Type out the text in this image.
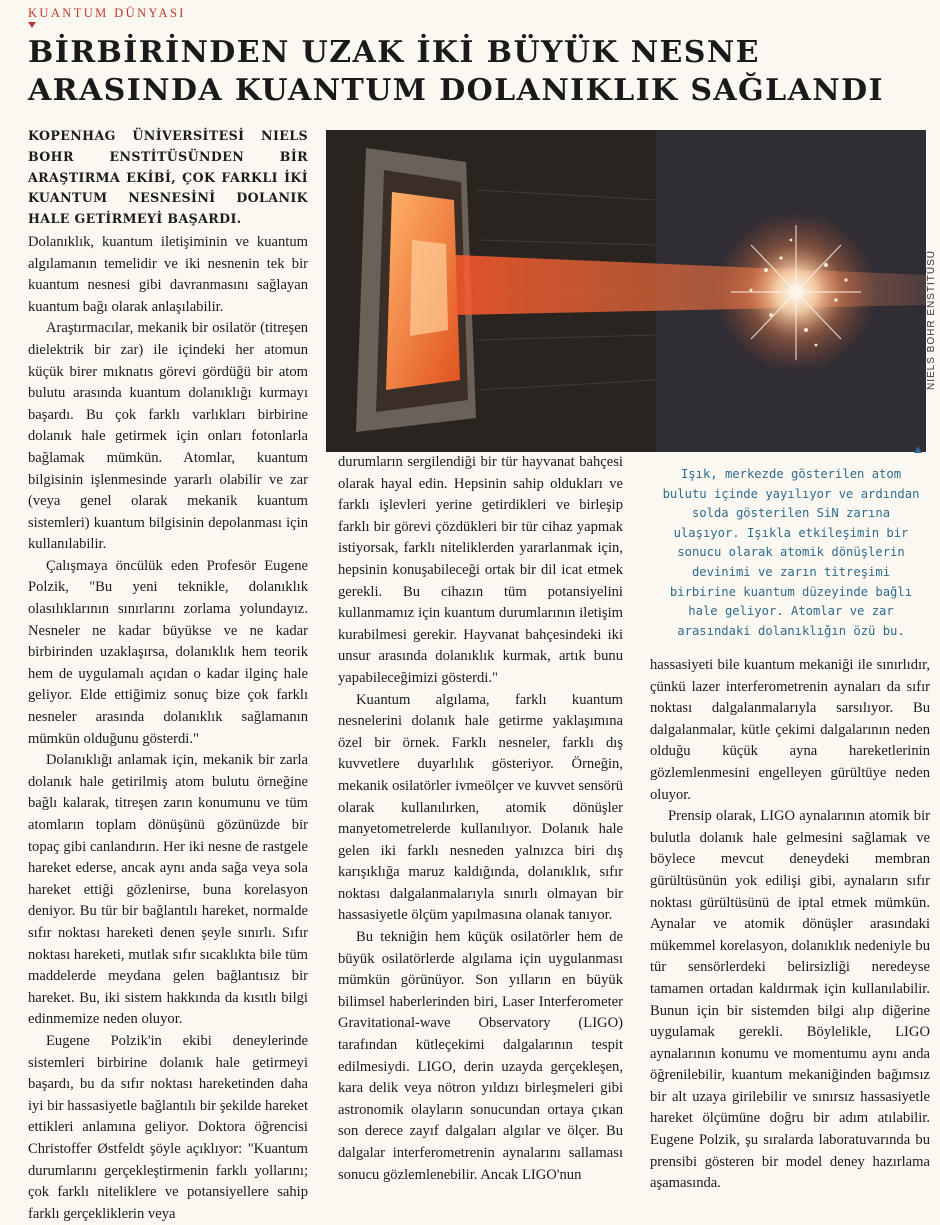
KUANTUM DÜNYASI
BİRBİRİNDEN UZAK İKİ BÜYÜK NESNE ARASINDA KUANTUM DOLANIKLIK SAĞLANDI
NIELS BOHR ENSTİTÜSÜ

Işık, merkezde gösterilen atom bulutu içinde yayılıyor ve ardından solda gösterilen SiN zarına ulaşıyor. Işıkla etkileşimin bir sonucu olarak atomik dönüşlerin devinimi ve zarın titreşimi birbirine kuantum düzeyinde bağlı hale geliyor. Atomlar ve zar arasındaki dolanıklığın özü bu.

KOPENHAG ÜNİVERSİTESİ NIELS BOHR ENSTİTÜSÜNDEN BİR ARAŞTIRMA EKİBİ, ÇOK FARKLI İKİ KUANTUM NESNESİNİ DOLANIK HALE GETİRMEYİ BAŞARDI.

Dolanıklık, kuantum iletişiminin ve kuantum algılamanın temelidir ve iki nesnenin tek bir kuantum nesnesi gibi davranmasını sağlayan kuantum bağı olarak anlaşılabilir.

Araştırmacılar, mekanik bir osilatör (titreşen dielektrik bir zar) ile içindeki her atomun küçük birer mıknatıs görevi gördüğü bir atom bulutu arasında kuantum dolanıklığı kurmayı başardı. Bu çok farklı varlıkları birbirine dolanık hale getirmek için onları fotonlarla bağlamak mümkün. Atomlar, kuantum bilgisinin işlenmesinde yararlı olabilir ve zar (veya genel olarak mekanik kuantum sistemleri) kuantum bilgisinin depolanması için kullanılabilir.

Çalışmaya öncülük eden Profesör Eugene Polzik, "Bu yeni teknikle, dolanıklık olasılıklarının sınırlarını zorlama yolundayız. Nesneler ne kadar büyükse ve ne kadar birbirinden uzaklaşırsa, dolanıklık hem teorik hem de uygulamalı açıdan o kadar ilginç hale geliyor. Elde ettiğimiz sonuç bize çok farklı nesneler arasında dolanıklık sağlamanın mümkün olduğunu gösterdi."

Dolanıklığı anlamak için, mekanik bir zarla dolanık hale getirilmiş atom bulutu örneğine bağlı kalarak, titreşen zarın konumunu ve tüm atomların toplam dönüşünü gözünüzde bir topaç gibi canlandırın. Her iki nesne de rastgele hareket ederse, ancak aynı anda sağa veya sola hareket ettiği gözlenirse, buna korelasyon deniyor. Bu tür bir bağlantılı hareket, normalde sıfır noktası hareketi denen şeyle sınırlı. Sıfır noktası hareketi, mutlak sıfır sıcaklıkta bile tüm maddelerde meydana gelen bağlantısız bir hareket. Bu, iki sistem hakkında da kısıtlı bilgi edinmemize neden oluyor.

Eugene Polzik'in ekibi deneylerinde sistemleri birbirine dolanık hale getirmeyi başardı, bu da sıfır noktası hareketinden daha iyi bir hassasiyetle bağlantılı bir şekilde hareket ettikleri anlamına geliyor. Doktora öğrencisi Christoffer Østfeldt şöyle açıklıyor: "Kuantum durumlarını gerçekleştirmenin farklı yollarını; çok farklı niteliklere ve potansiyellere sahip farklı gerçekliklerin veya

durumların sergilendiği bir tür hayvanat bahçesi olarak hayal edin. Hepsinin sahip oldukları ve farklı işlevleri yerine getirdikleri ve birleşip farklı bir görevi çözdükleri bir tür cihaz yapmak istiyorsak, farklı niteliklerden yararlanmak için, hepsinin konuşabileceği ortak bir dil icat etmek gerekli. Bu cihazın tüm potansiyelini kullanmamız için kuantum durumlarının iletişim kurabilmesi gerekir. Hayvanat bahçesindeki iki unsur arasında dolanıklık kurmak, artık bunu yapabileceğimizi gösterdi."

Kuantum algılama, farklı kuantum nesnelerini dolanık hale getirme yaklaşımına özel bir örnek. Farklı nesneler, farklı dış kuvvetlere duyarlılık gösteriyor. Örneğin, mekanik osilatörler ivmeölçer ve kuvvet sensörü olarak kullanılırken, atomik dönüşler manyetometrelerde kullanılıyor. Dolanık hale gelen iki farklı nesneden yalnızca biri dış karışıklığa maruz kaldığında, dolanıklık, sıfır noktası dalgalanmalarıyla sınırlı olmayan bir hassasiyetle ölçüm yapılmasına olanak tanıyor.

Bu tekniğin hem küçük osilatörler hem de büyük osilatörlerde algılama için uygulanması mümkün görünüyor. Son yılların en büyük bilimsel haberlerinden biri, Laser Interferometer Gravitational-wave Observatory (LIGO) tarafından kütleçekimi dalgalarının tespit edilmesiydi. LIGO, derin uzayda gerçekleşen, kara delik veya nötron yıldızı birleşmeleri gibi astronomik olayların sonucundan ortaya çıkan son derece zayıf dalgaları algılar ve ölçer. Bu dalgalar interferometrenin aynalarını sallaması sonucu gözlemlenebilir. Ancak LIGO'nun

hassasiyeti bile kuantum mekaniği ile sınırlıdır, çünkü lazer interferometrenin aynaları da sıfır noktası dalgalanmalarıyla sarsılıyor. Bu dalgalanmalar, kütle çekimi dalgalarının neden olduğu küçük ayna hareketlerinin gözlemlenmesini engelleyen gürültüye neden oluyor.

Prensip olarak, LIGO aynalarının atomik bir bulutla dolanık hale gelmesini sağlamak ve böylece mevcut deneydeki membran gürültüsünün yok edilişi gibi, aynaların sıfır noktası gürültüsünü de iptal etmek mümkün. Aynalar ve atomik dönüşler arasındaki mükemmel korelasyon, dolanıklık nedeniyle bu tür sensörlerdeki belirsizliği neredeyse tamamen ortadan kaldırmak için kullanılabilir. Bunun için bir sistemden bilgi alıp diğerine uygulamak gerekli. Böylelikle, LIGO aynalarının konumu ve momentumu aynı anda öğrenilebilir, kuantum mekaniğinden bağımsız bir alt uzaya girilebilir ve sınırsız hassasiyetle hareket ölçümüne doğru bir adım atılabilir. Eugene Polzik, şu sıralarda laboratuvarında bu prensibi gösteren bir model deney hazırlama aşamasında.
